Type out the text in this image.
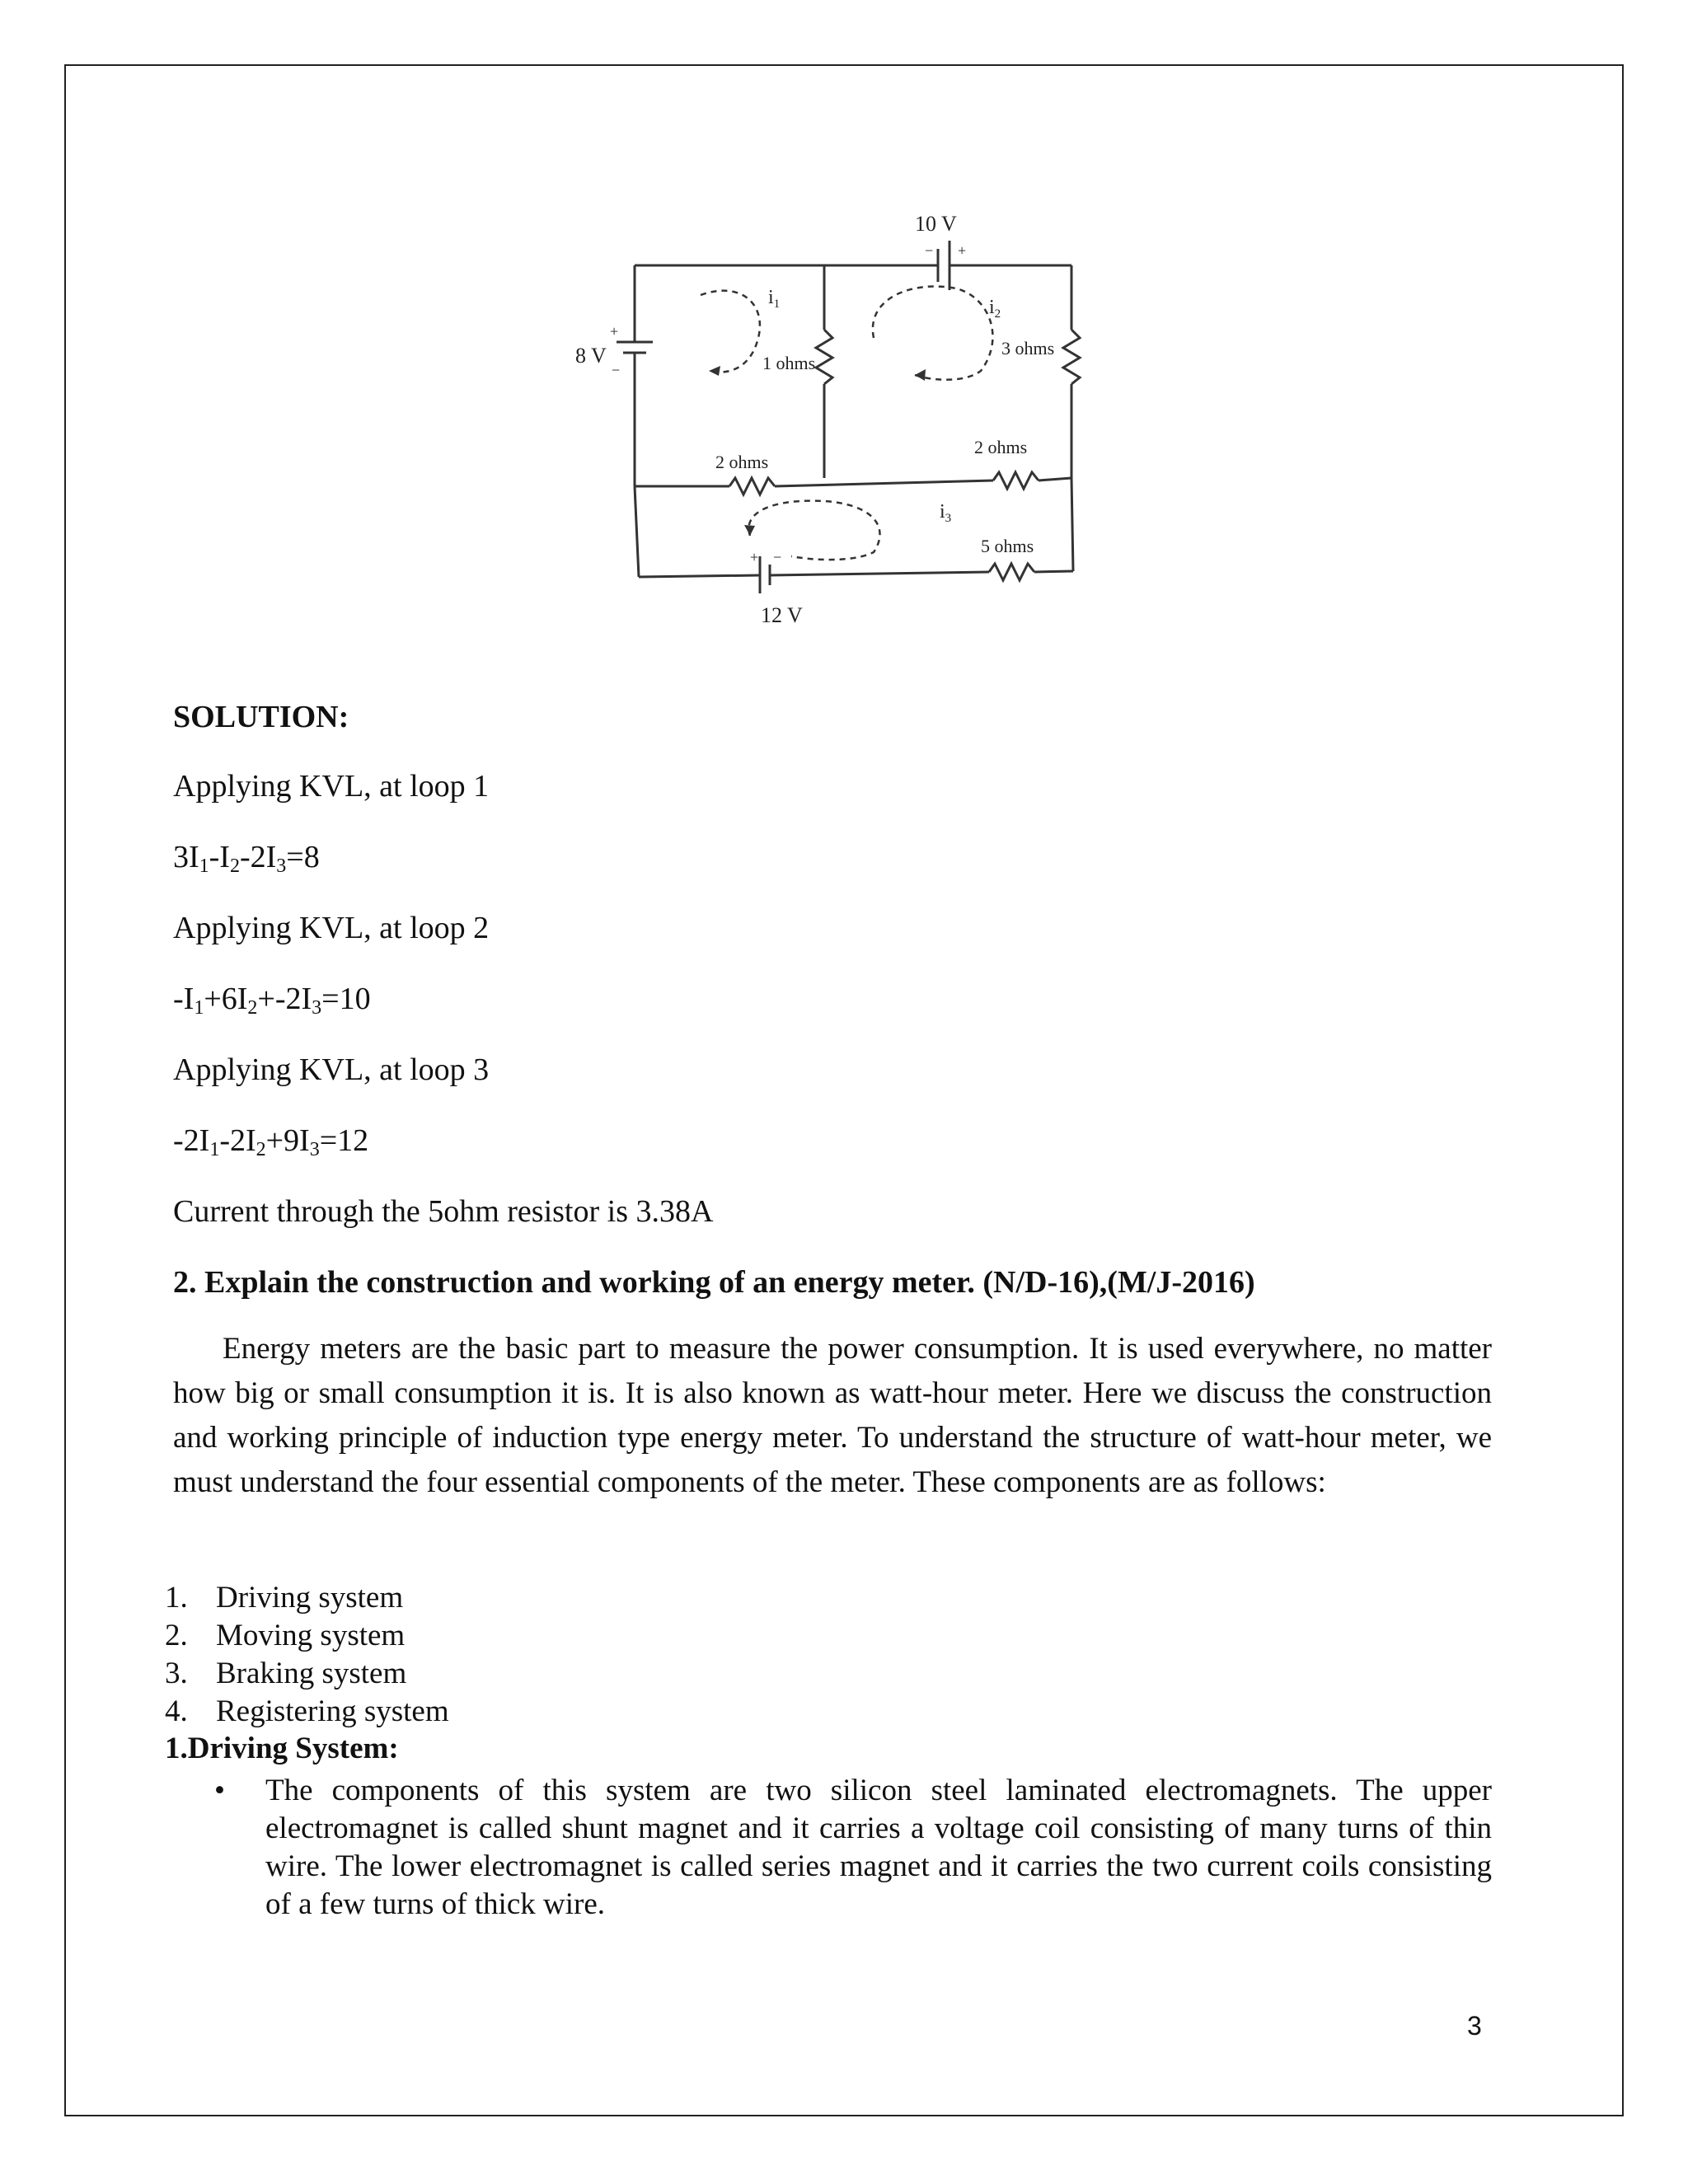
10 V
− +
8 V
+
−	1 ohms
3 ohms
2 ohms
2 ohms
5 ohms
12 V
+ −
$i_1$	$i_2$
$i_3$
SOLUTION:
Applying KVL, at loop 1
$3I_1-I_2-2I_3=8$
Applying KVL, at loop 2
$-I_1+6I_2+-2I_3=10$
Applying KVL, at loop 3
$-2I_1-2I_2+9I_3=12$
Current through the 5ohm resistor is 3.38A
2. Explain the construction and working of an energy meter. (N/D-16),(M/J-2016)
Energy meters are the basic part to measure the power consumption. It is used everywhere, no matter how big or small consumption it is. It is also known as watt-hour meter. Here we discuss the construction and working principle of induction type energy meter. To understand the structure of watt-hour meter, we must understand the four essential components of the meter. These components are as follows:
1. Driving system
2. Moving system
3. Braking system
4. Registering system
1.Driving System:
• The components of this system are two silicon steel laminated electromagnets. The upper electromagnet is called shunt magnet and it carries a voltage coil consisting of many turns of thin wire. The lower electromagnet is called series magnet and it carries the two current coils consisting of a few turns of thick wire.
3
